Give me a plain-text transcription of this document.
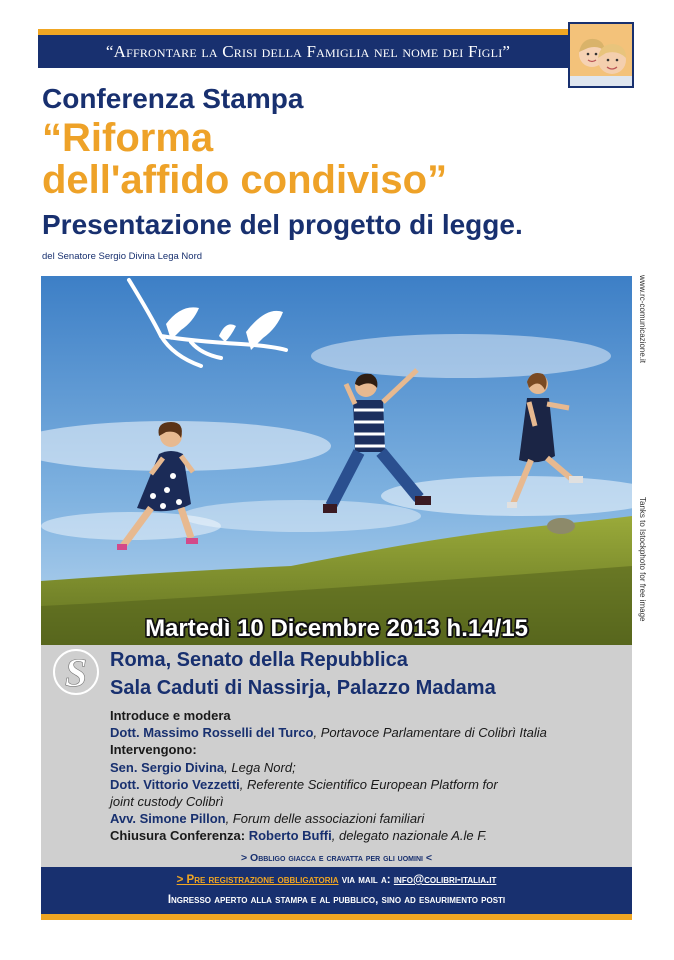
“Affrontare la Crisi della Famiglia nel nome dei Figli”
Conferenza Stampa
“Riforma
dell'affido condiviso”
Presentazione del progetto di legge.
del Senatore Sergio Divina Lega Nord
www.rc-comunicazione.it
Tanks to Istockphoto for free image
Martedì 10 Dicembre 2013 h.14/15
S Roma, Senato della Repubblica
Sala Caduti di Nassirja, Palazzo Madama

Introduce e modera

Dott. Massimo Rosselli del Turco, Portavoce Parlamentare di Colibrì Italia

Intervengono:

Sen. Sergio Divina, Lega Nord;

Dott. Vittorio Vezzetti, Referente Scientifico European Platform for

joint custody Colibrì

Avv. Simone Pillon, Forum delle associazioni familiari

Chiusura Conferenza: Roberto Buffi, delegato nazionale A.le F.

> Obbligo giacca e cravatta per gli uomini <
> Pre registrazione obbligatoria via mail a: info@colibri-italia.it
Ingresso aperto alla stampa e al pubblico, sino ad esaurimento posti
